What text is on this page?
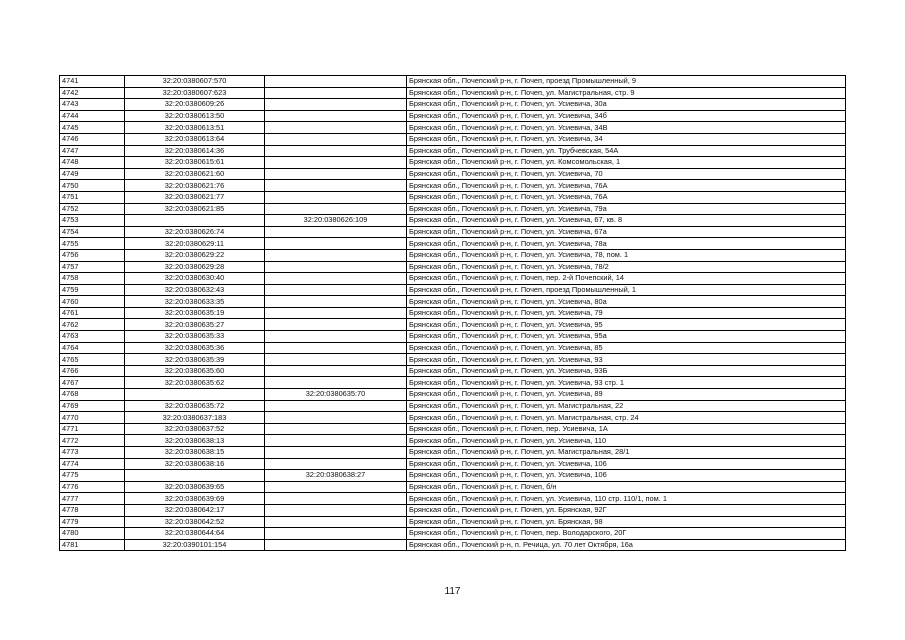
4741	32:20:0380607:570		Брянская обл., Почепский р-н, г. Почеп, проезд Промышленный, 9
4742	32:20:0380607:623		Брянская обл., Почепский р-н, г. Почеп, ул. Магистральная, стр. 9
4743	32:20:0380609:26		Брянская обл., Почепский р-н, г. Почеп, ул. Усиевича, 30а
4744	32:20:0380613:50		Брянская обл., Почепский р-н, г. Почеп, ул. Усиевича, 34б
4745	32:20:0380613:51		Брянская обл., Почепский р-н, г. Почеп, ул. Усиевича, 34В
4746	32:20:0380613:64		Брянская обл., Почепский р-н, г. Почеп, ул. Усиевича, 34
4747	32:20:0380614:36		Брянская обл., Почепский р-н, г. Почеп, ул. Трубчевская, 54А
4748	32:20:0380615:61		Брянская обл., Почепский р-н, г. Почеп, ул. Комсомольская, 1
4749	32:20:0380621:60		Брянская обл., Почепский р-н, г. Почеп, ул. Усиевича, 70
4750	32:20:0380621:76		Брянская обл., Почепский р-н, г. Почеп, ул. Усиевича, 76А
4751	32:20:0380621:77		Брянская обл., Почепский р-н, г. Почеп, ул. Усиевича, 76А
4752	32:20:0380621:85		Брянская обл., Почепский р-н, г. Почеп, ул. Усиевича, 79а
4753		32:20:0380626:109	Брянская обл., Почепский р-н, г. Почеп, ул. Усиевича, 67, кв. 8
4754	32:20:0380626:74		Брянская обл., Почепский р-н, г. Почеп, ул. Усиевича, 67а
4755	32:20:0380629:11		Брянская обл., Почепский р-н, г. Почеп, ул. Усиевича, 78а
4756	32:20:0380629:22		Брянская обл., Почепский р-н, г. Почеп, ул. Усиевича, 78, пом. 1
4757	32:20:0380629:28		Брянская обл., Почепский р-н, г. Почеп, ул. Усиевича, 78/2
4758	32:20:0380630:40		Брянская обл., Почепский р-н, г. Почеп, пер. 2-й Почепский, 14
4759	32:20:0380632:43		Брянская обл., Почепский р-н, г. Почеп, проезд Промышленный, 1
4760	32:20:0380633:35		Брянская обл., Почепский р-н, г. Почеп, ул. Усиевича, 80а
4761	32:20:0380635:19		Брянская обл., Почепский р-н, г. Почеп, ул. Усиевича, 79
4762	32:20:0380635:27		Брянская обл., Почепский р-н, г. Почеп, ул. Усиевича, 95
4763	32:20:0380635:33		Брянская обл., Почепский р-н, г. Почеп, ул. Усиевича, 95а
4764	32:20:0380635:36		Брянская обл., Почепский р-н, г. Почеп, ул. Усиевича, 85
4765	32:20:0380635:39		Брянская обл., Почепский р-н, г. Почеп, ул. Усиевича, 93
4766	32:20:0380635:60		Брянская обл., Почепский р-н, г. Почеп, ул. Усиевича, 93Б
4767	32:20:0380635:62		Брянская обл., Почепский р-н, г. Почеп, ул. Усиевича, 93 стр. 1
4768		32:20:0380635:70	Брянская обл., Почепский р-н, г. Почеп, ул. Усиевича, 89
4769	32:20:0380635:72		Брянская обл., Почепский р-н, г. Почеп, ул. Магистральная, 22
4770	32:20:0380637:183		Брянская обл., Почепский р-н, г. Почеп, ул. Магистральная, стр. 24
4771	32:20:0380637:52		Брянская обл., Почепский р-н, г. Почеп, пер. Усиевича, 1А
4772	32:20:0380638:13		Брянская обл., Почепский р-н, г. Почеп, ул. Усиевича, 110
4773	32:20:0380638:15		Брянская обл., Почепский р-н, г. Почеп, ул. Магистральная, 28/1
4774	32:20:0380638:16		Брянская обл., Почепский р-н, г. Почеп, ул. Усиевича, 106
4775		32:20:0380638:27	Брянская обл., Почепский р-н, г. Почеп, ул. Усиевича, 106
4776	32:20:0380639:65		Брянская обл., Почепский р-н, г. Почеп, б/н
4777	32:20:0380639:69		Брянская обл., Почепский р-н, г. Почеп, ул. Усиевича, 110 стр. 110/1, пом. 1
4778	32:20:0380642:17		Брянская обл., Почепский р-н, г. Почеп, ул. Брянская, 92Г
4779	32:20:0380642:52		Брянская обл., Почепский р-н, г. Почеп, ул. Брянская, 98
4780	32:20:0380644:64		Брянская обл., Почепский р-н, г. Почеп, пер. Володарского, 20Г
4781	32:20:0390101:154		Брянская обл., Почепский р-н, п. Речица, ул. 70 лет Октября, 16а
117
